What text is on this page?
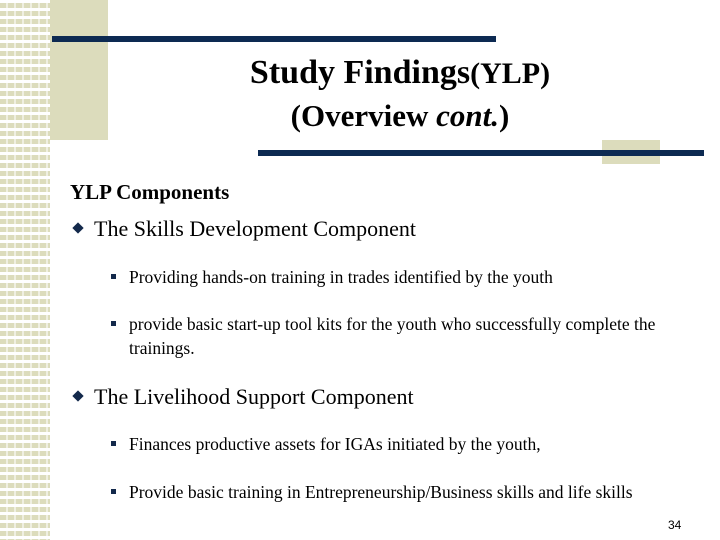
Study Findings(YLP)
(Overview cont.)
YLP Components
The Skills Development Component
Providing hands-on training in trades identified by the youth
provide basic start-up tool kits for the youth who successfully complete the trainings.
The Livelihood Support Component
Finances productive assets for IGAs initiated by the youth,
Provide basic training in Entrepreneurship/Business skills and life skills
34
